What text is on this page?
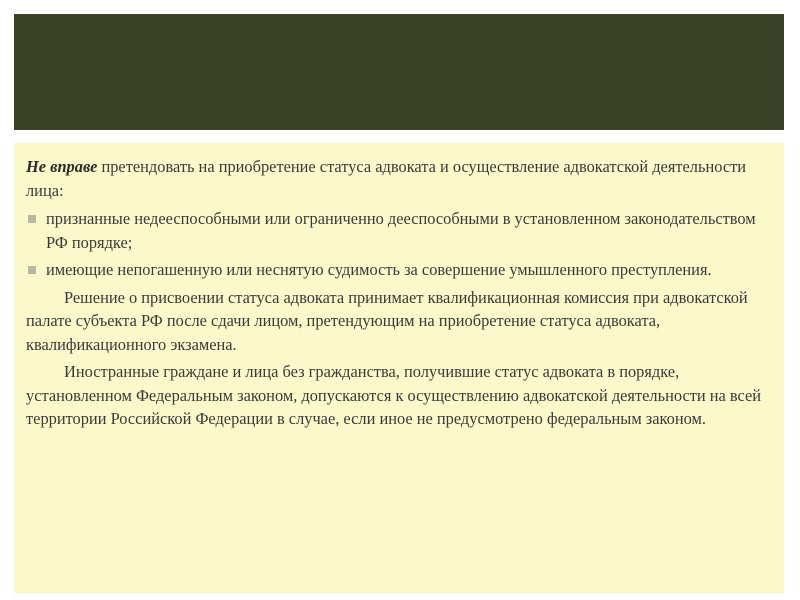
Не вправе претендовать на приобретение статуса адвоката и осуществление адвокатской деятельности лица:

признанные недееспособными или ограниченно дееспособными в установленном законодательством РФ порядке;
имеющие непогашенную или неснятую судимость за совершение умышленного преступления.

Решение о присвоении статуса адвоката принимает квалификационная комиссия при адвокатской палате субъекта РФ после сдачи лицом, претендующим на приобретение статуса адвоката, квалификационного экзамена.

Иностранные граждане и лица без гражданства, получившие статус адвоката в порядке, установленном Федеральным законом, допускаются к осуществлению адвокатской деятельности на всей территории Российской Федерации в случае, если иное не предусмотрено федеральным законом.
